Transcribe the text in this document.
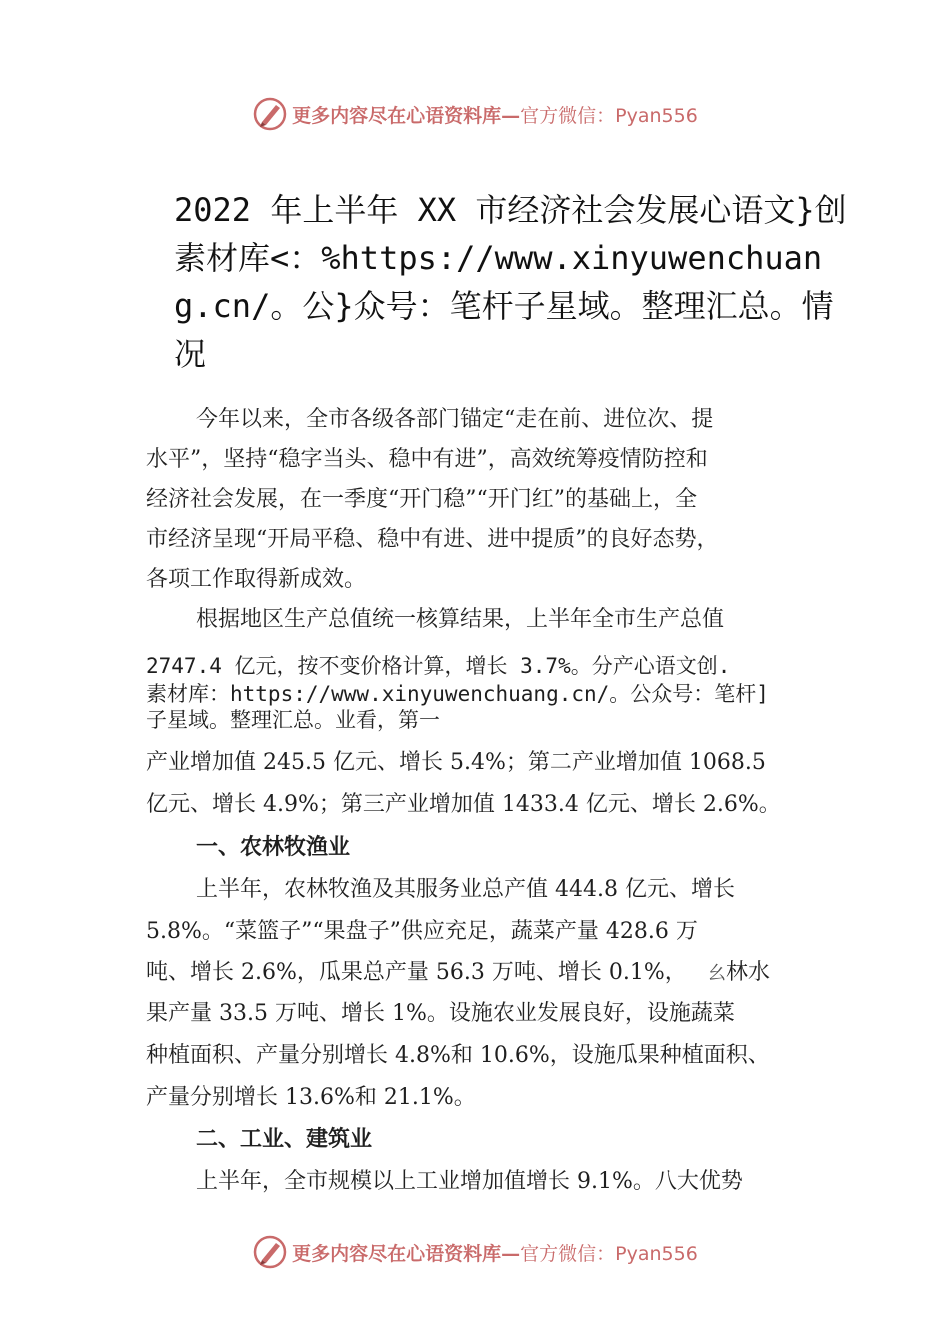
更多内容尽在心语资料库— 官方微信：Pyan556
2022 年上半年 XX 市经济社会发展心语文}创素材库<：%https://www.xinyuwenchuang.cn/。公}众号：笔杆子星域。整理汇总。情况
今年以来，全市各级各部门锚定“走在前、进位次、提
水平”，坚持“稳字当头、稳中有进”，高效统筹疫情防控和
经济社会发展，在一季度“开门稳”“开门红”的基础上，全
市经济呈现“开局平稳、稳中有进、进中提质”的良好态势，
各项工作取得新成效。
根据地区生产总值统一核算结果，上半年全市生产总值
2747.4 亿元，按不变价格计算，增长 3.7%。分产心语文创.
素材库：https://www.xinyuwenchuang.cn/。公众号：笔杆]
子星域。整理汇总。业看，第一
产业增加值 245.5 亿元、增长 5.4%；第二产业增加值 1068.5
亿元、增长 4.9%；第三产业增加值 1433.4 亿元、增长 2.6%。
一、农林牧渔业
上半年，农林牧渔及其服务业总产值 444.8 亿元、增长
5.8%。“菜篮子”“果盘子”供应充足，蔬菜产量 428.6 万
吨、增长 2.6%，瓜果总产量 56.3 万吨、增长 0.1%， ⼳林水
果产量 33.5 万吨、增长 1%。设施农业发展良好，设施蔬菜
种植面积、产量分别增长 4.8%和 10.6%，设施瓜果种植面积、
产量分别增长 13.6%和 21.1%。
二、工业、建筑业
上半年，全市规模以上工业增加值增长 9.1%。八大优势
更多内容尽在心语资料库— 官方微信：Pyan556
